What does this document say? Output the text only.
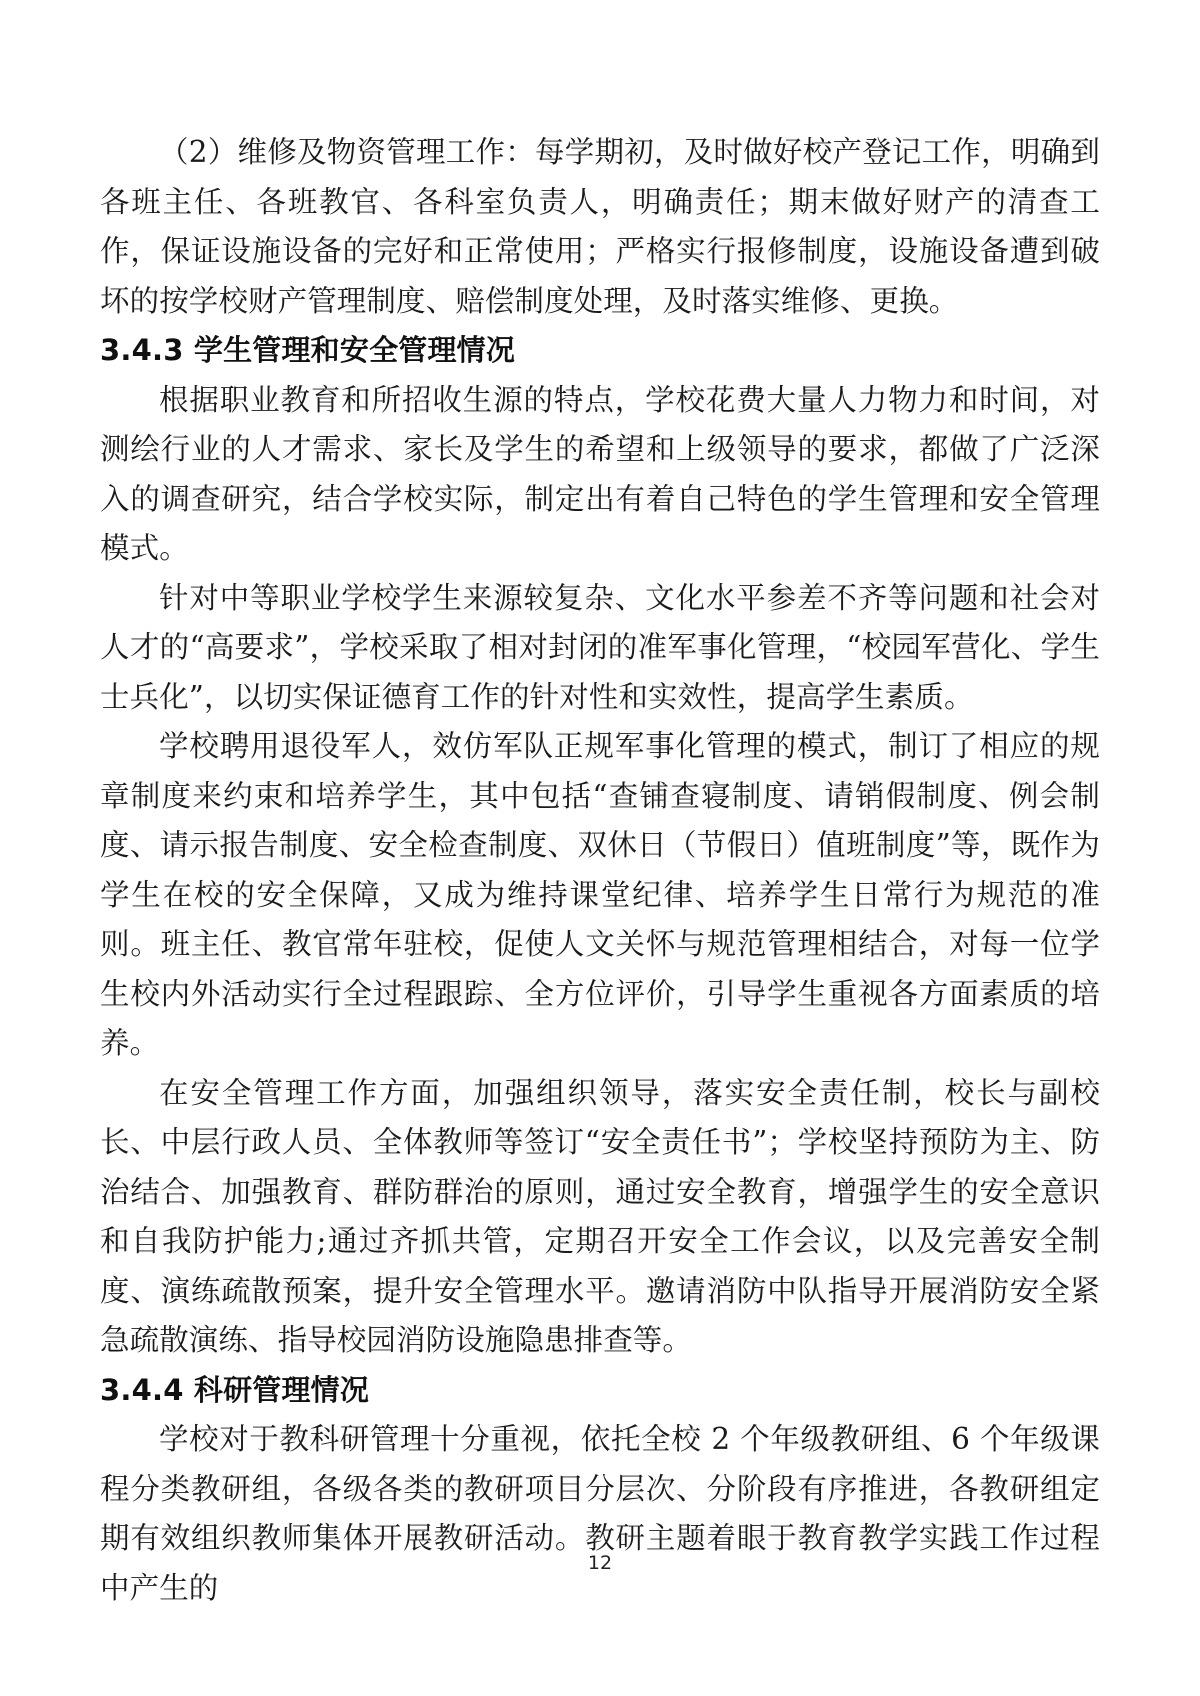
（2）维修及物资管理工作：每学期初，及时做好校产登记工作，明确到各班主任、各班教官、各科室负责人，明确责任；期末做好财产的清查工作，保证设施设备的完好和正常使用；严格实行报修制度，设施设备遭到破坏的按学校财产管理制度、赔偿制度处理，及时落实维修、更换。

3.4.3 学生管理和安全管理情况

根据职业教育和所招收生源的特点，学校花费大量人力物力和时间，对测绘行业的人才需求、家长及学生的希望和上级领导的要求，都做了广泛深入的调查研究，结合学校实际，制定出有着自己特色的学生管理和安全管理模式。

针对中等职业学校学生来源较复杂、文化水平参差不齐等问题和社会对人才的“高要求”，学校采取了相对封闭的准军事化管理，“校园军营化、学生士兵化”，以切实保证德育工作的针对性和实效性，提高学生素质。

学校聘用退役军人，效仿军队正规军事化管理的模式，制订了相应的规章制度来约束和培养学生，其中包括“查铺查寝制度、请销假制度、例会制度、请示报告制度、安全检查制度、双休日（节假日）值班制度”等，既作为学生在校的安全保障，又成为维持课堂纪律、培养学生日常行为规范的准则。班主任、教官常年驻校，促使人文关怀与规范管理相结合，对每一位学生校内外活动实行全过程跟踪、全方位评价，引导学生重视各方面素质的培养。

在安全管理工作方面，加强组织领导，落实安全责任制，校长与副校长、中层行政人员、全体教师等签订“安全责任书”；学校坚持预防为主、防治结合、加强教育、群防群治的原则，通过安全教育，增强学生的安全意识和自我防护能力;通过齐抓共管，定期召开安全工作会议，以及完善安全制度、演练疏散预案，提升安全管理水平。邀请消防中队指导开展消防安全紧急疏散演练、指导校园消防设施隐患排查等。

3.4.4 科研管理情况

学校对于教科研管理十分重视，依托全校 2 个年级教研组、6 个年级课程分类教研组，各级各类的教研项目分层次、分阶段有序推进，各教研组定期有效组织教师集体开展教研活动。教研主题着眼于教育教学实践工作过程中产生的

12
